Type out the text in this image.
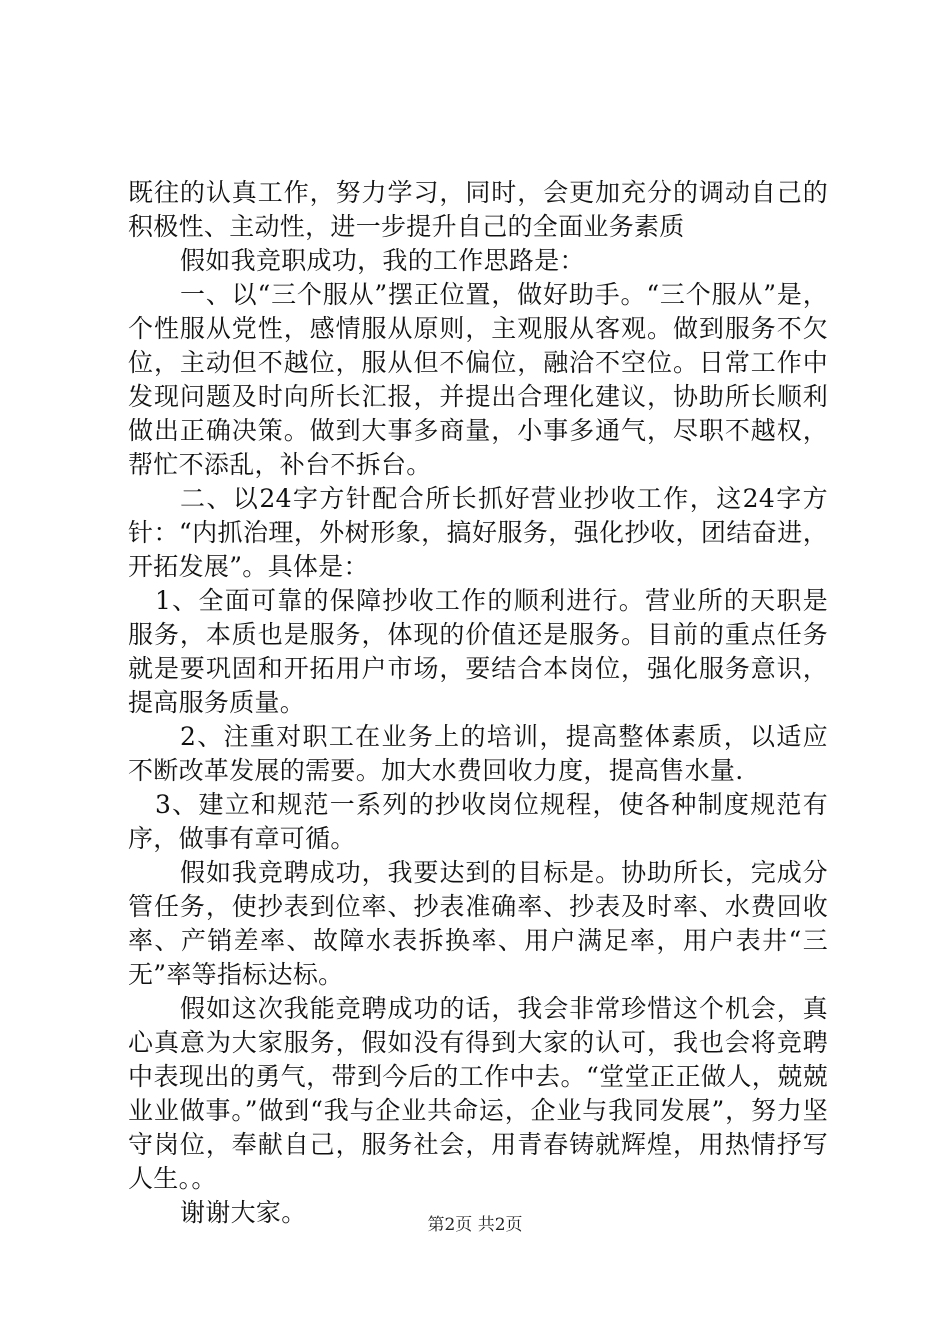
既往的认真工作，努力学习，同时，会更加充分的调动自己的积极性、主动性，进一步提升自己的全面业务素质

假如我竞职成功，我的工作思路是：

一、以“三个服从”摆正位置，做好助手。“三个服从”是，个性服从党性，感情服从原则，主观服从客观。做到服务不欠位，主动但不越位，服从但不偏位，融洽不空位。日常工作中发现问题及时向所长汇报，并提出合理化建议，协助所长顺利做出正确决策。做到大事多商量，小事多通气，尽职不越权，帮忙不添乱，补台不拆台。

二、以24字方针配合所长抓好营业抄收工作，这24字方针：“内抓治理，外树形象，搞好服务，强化抄收，团结奋进，开拓发展”。具体是：

1、全面可靠的保障抄收工作的顺利进行。营业所的天职是服务，本质也是服务，体现的价值还是服务。目前的重点任务就是要巩固和开拓用户市场，要结合本岗位，强化服务意识，提高服务质量。

2、注重对职工在业务上的培训，提高整体素质，以适应不断改革发展的需要。加大水费回收力度，提高售水量.

3、建立和规范一系列的抄收岗位规程，使各种制度规范有序，做事有章可循。

假如我竞聘成功，我要达到的目标是。协助所长，完成分管任务，使抄表到位率、抄表准确率、抄表及时率、水费回收率、产销差率、故障水表拆换率、用户满足率，用户表井“三无”率等指标达标。

假如这次我能竞聘成功的话，我会非常珍惜这个机会，真心真意为大家服务，假如没有得到大家的认可，我也会将竞聘中表现出的勇气，带到今后的工作中去。“堂堂正正做人，兢兢业业做事。”做到“我与企业共命运，企业与我同发展”，努力坚守岗位，奉献自己，服务社会，用青春铸就辉煌，用热情抒写人生。。

谢谢大家。	第2页 共2页
